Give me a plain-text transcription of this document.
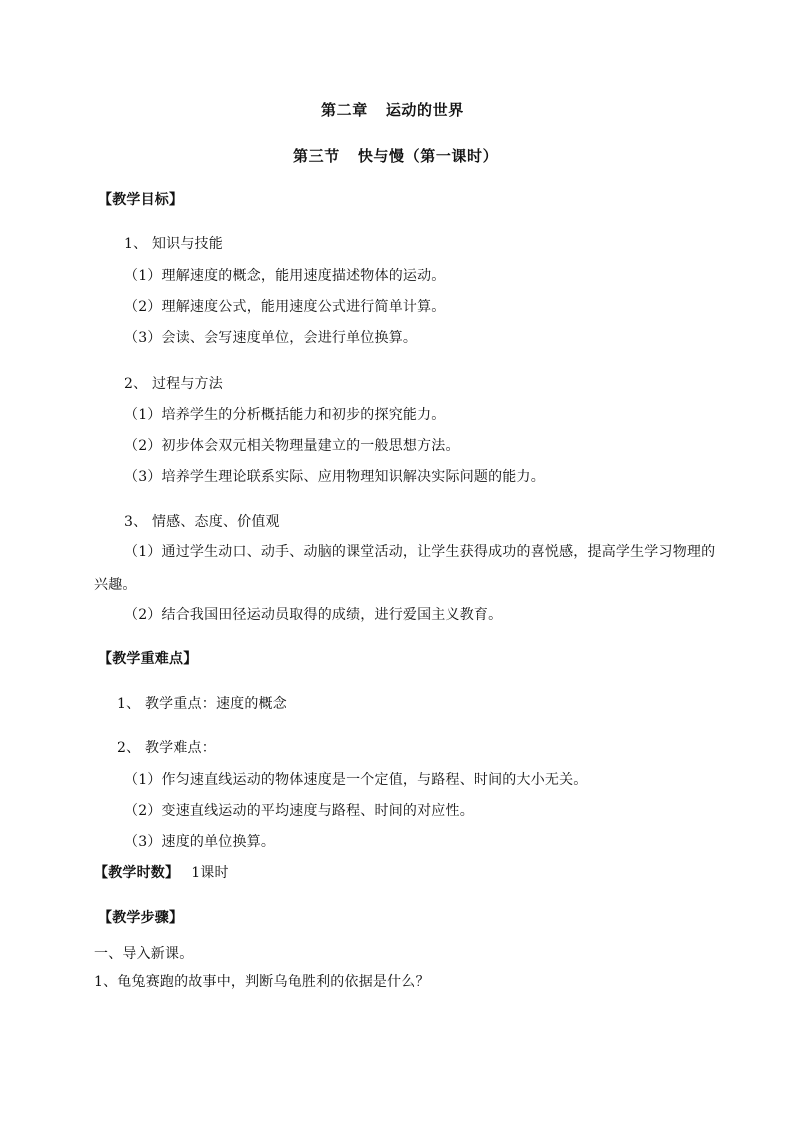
第二章 运动的世界
第三节 快与慢（第一课时）
【教学目标】
1、 知识与技能
（1）理解速度的概念，能用速度描述物体的运动。
（2）理解速度公式，能用速度公式进行简单计算。
（3）会读、会写速度单位，会进行单位换算。
2、 过程与方法
（1）培养学生的分析概括能力和初步的探究能力。
（2）初步体会双元相关物理量建立的一般思想方法。
（3）培养学生理论联系实际、应用物理知识解决实际问题的能力。
3、 情感、态度、价值观
（1）通过学生动口、动手、动脑的课堂活动，让学生获得成功的喜悦感，提高学生学习物理的
兴趣。
（2）结合我国田径运动员取得的成绩，进行爱国主义教育。
【教学重难点】
1、 教学重点：速度的概念
2、 教学难点：
（1）作匀速直线运动的物体速度是一个定值，与路程、时间的大小无关。
（2）变速直线运动的平均速度与路程、时间的对应性。
（3）速度的单位换算。
【教学时数】 1课时
【教学步骤】
一、导入新课。
1、龟兔赛跑的故事中，判断乌龟胜利的依据是什么？
